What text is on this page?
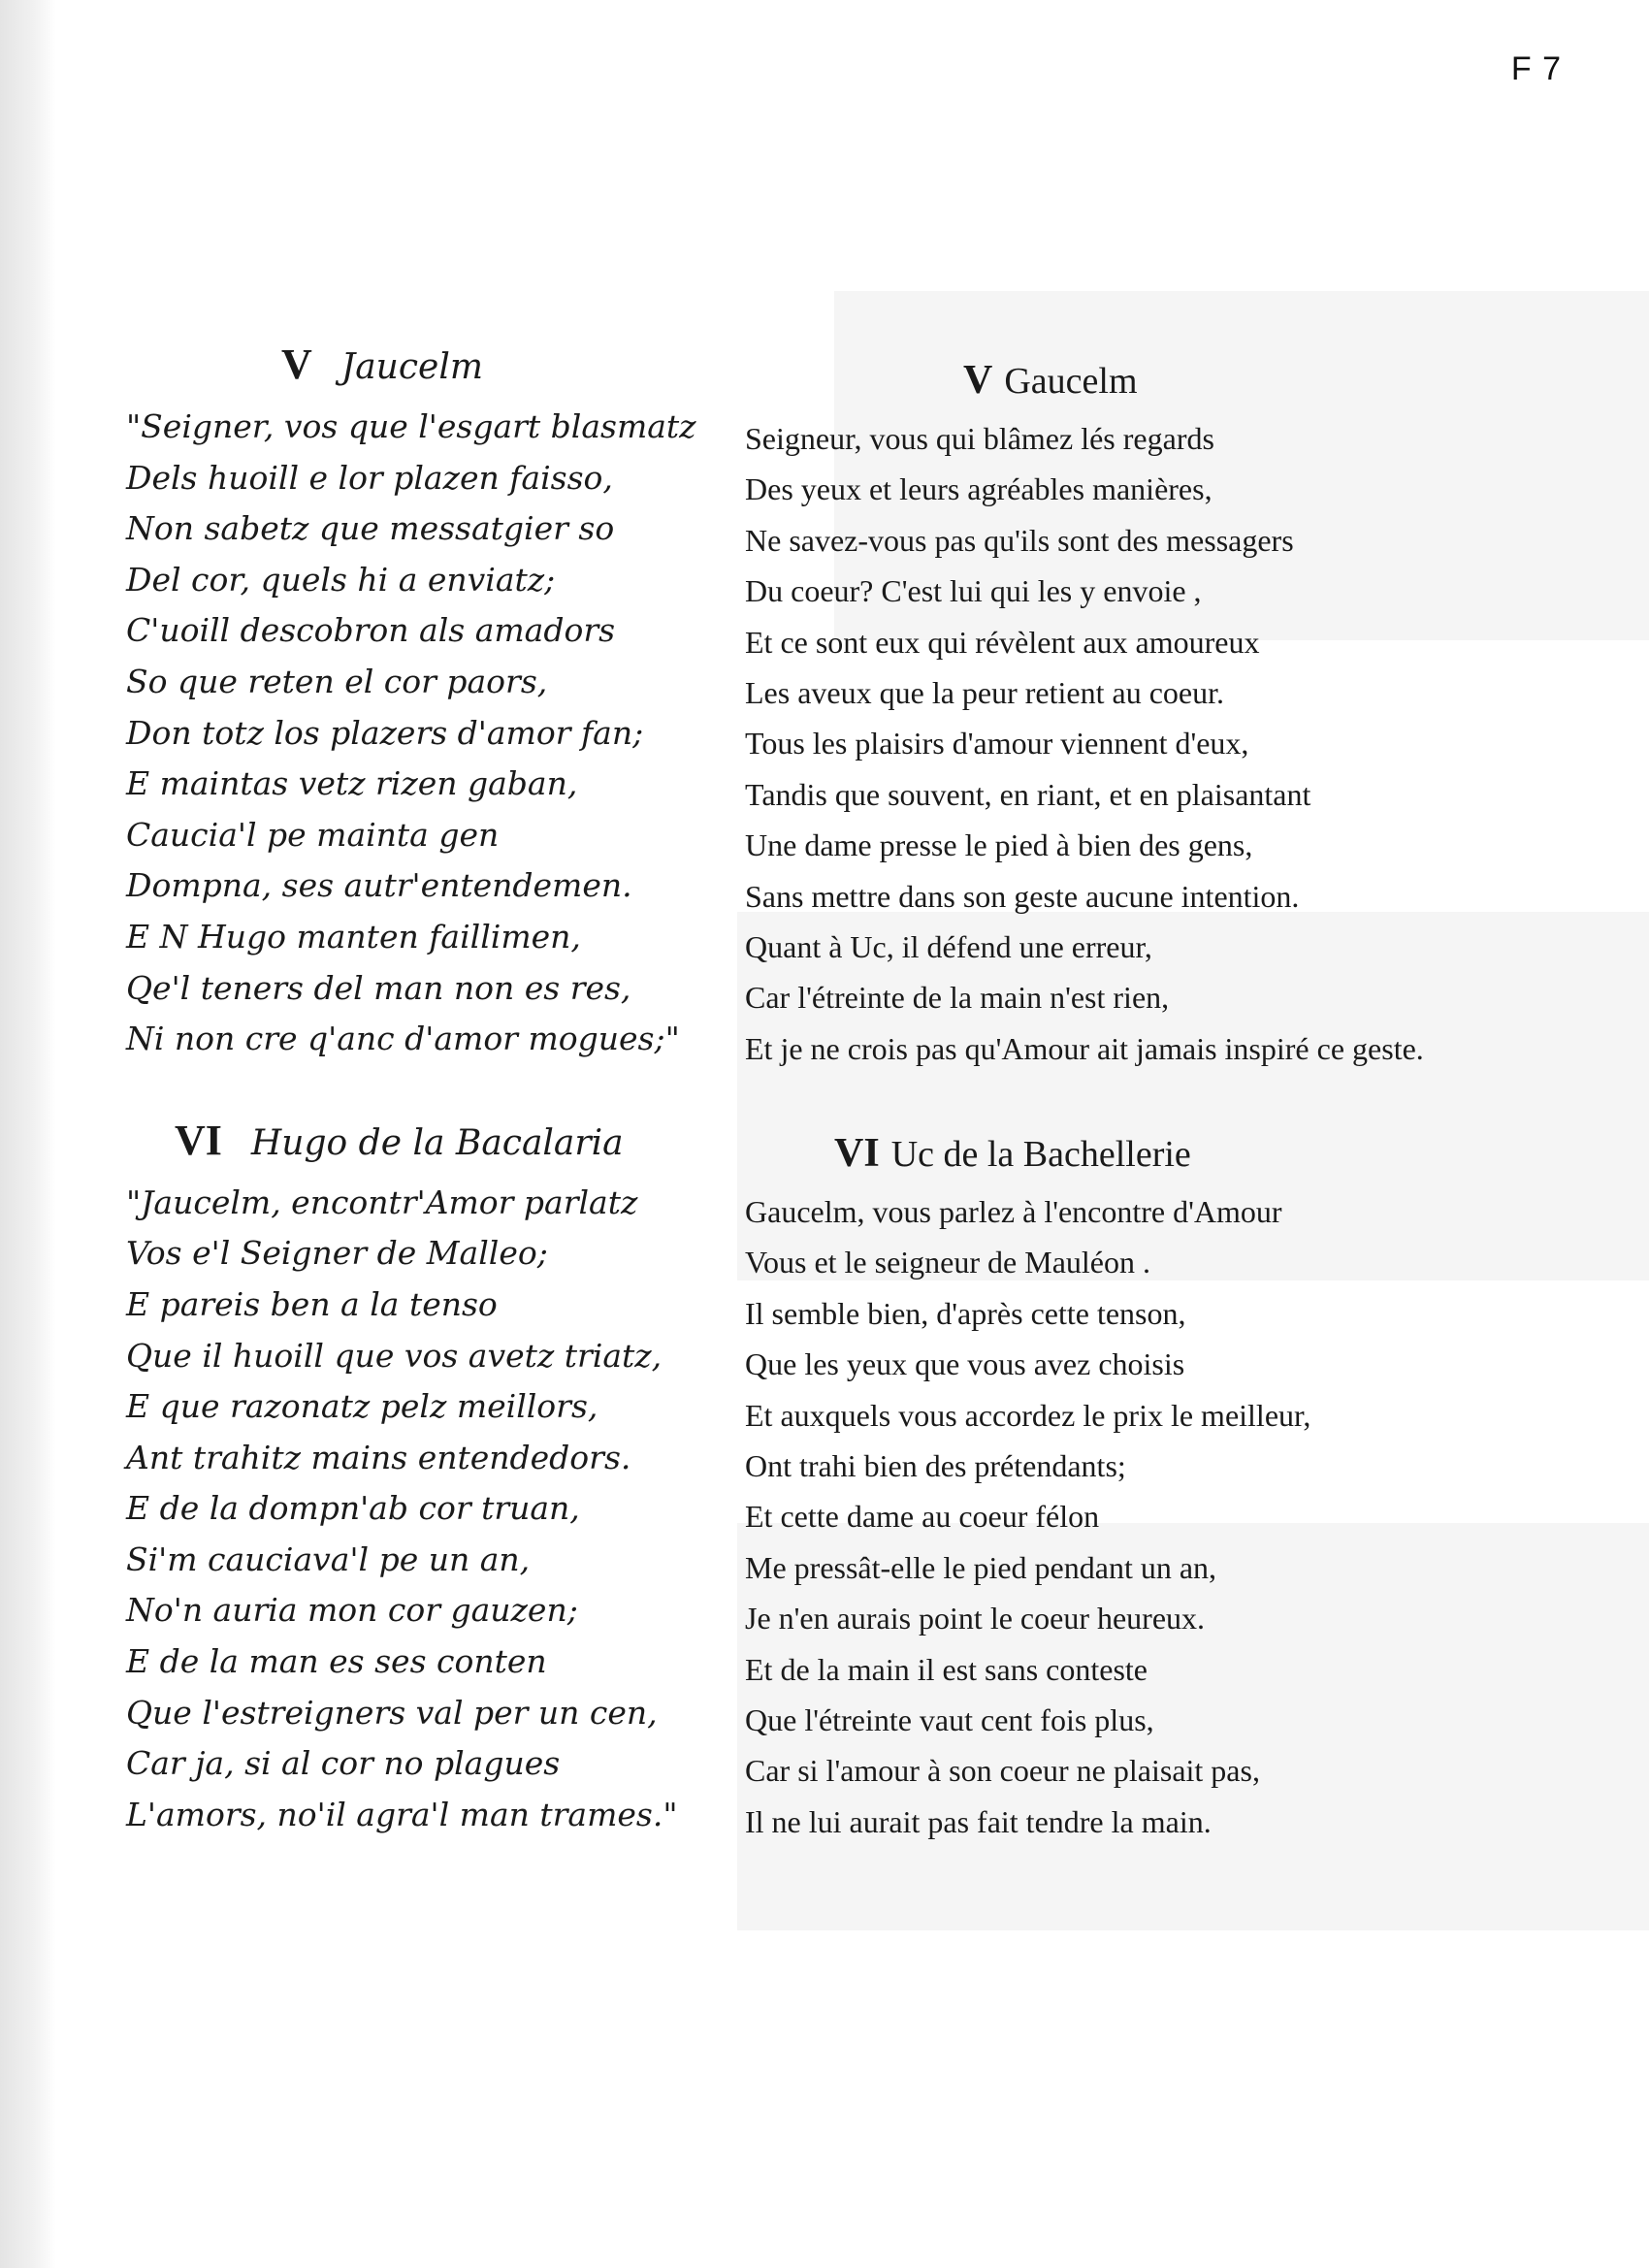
F 7
V Jaucelm
"Seigner, vos que l'esgart blasmatz
Dels huoill e lor plazen faisso,
Non sabetz que messatgier so
Del cor, quels hi a enviatz;
C'uoill descobron als amadors
So que reten el cor paors,
Don totz los plazers d'amor fan;
E maintas vetz rizen gaban,
Cauciа'l pe mainta gen
Dompna, ses autr'entendemen.
E N Hugo manten faillimen,
Qe'l teners del man non es res,
Ni non cre q'anc d'amor mogues;"
VI Hugo de la Bacalaria
"Jaucelm, encontr'Amor parlatz
Vos e'l Seigner de Malleo;
E pareis ben a la tenso
Que il huoill que vos avetz triatz,
E que razonatz pelz meillors,
Ant trahitz mains entendedors.
E de la dompn'ab cor truan,
Si'm cauciava'l pe un an,
No'n auria mon cor gauzen;
E de la man es ses conten
Que l'estreigners val per un cen,
Car ja, si al cor no plagues
L'amors, no'il agra'l man trames."
V Gaucelm
Seigneur, vous qui blâmez lés regards
Des yeux et leurs agréables manières,
Ne savez-vous pas qu'ils sont des messagers
Du coeur? C'est lui qui les y envoie ,
Et ce sont eux qui révèlent aux amoureux
Les aveux que la peur retient au coeur.
Tous les plaisirs d'amour viennent d'eux,
Tandis que souvent, en riant, et en plaisantant
Une dame presse le pied à bien des gens,
Sans mettre dans son geste aucune intention.
Quant à Uc, il défend une erreur,
Car l'étreinte de la main n'est rien,
Et je ne crois pas qu'Amour ait jamais inspiré ce geste.
VI Uc de la Bachellerie
Gaucelm, vous parlez à l'encontre d'Amour
Vous et le seigneur de Mauléon .
Il semble bien, d'après cette tenson,
Que les yeux que vous avez choisis
Et auxquels vous accordez le prix le meilleur,
Ont trahi bien des prétendants;
Et cette dame au coeur félon
Me pressât-elle le pied pendant un an,
Je n'en aurais point le coeur heureux.
Et de la main il est sans conteste
Que l'étreinte vaut cent fois plus,
Car si l'amour à son coeur ne plaisait pas,
Il ne lui aurait pas fait tendre la main.
